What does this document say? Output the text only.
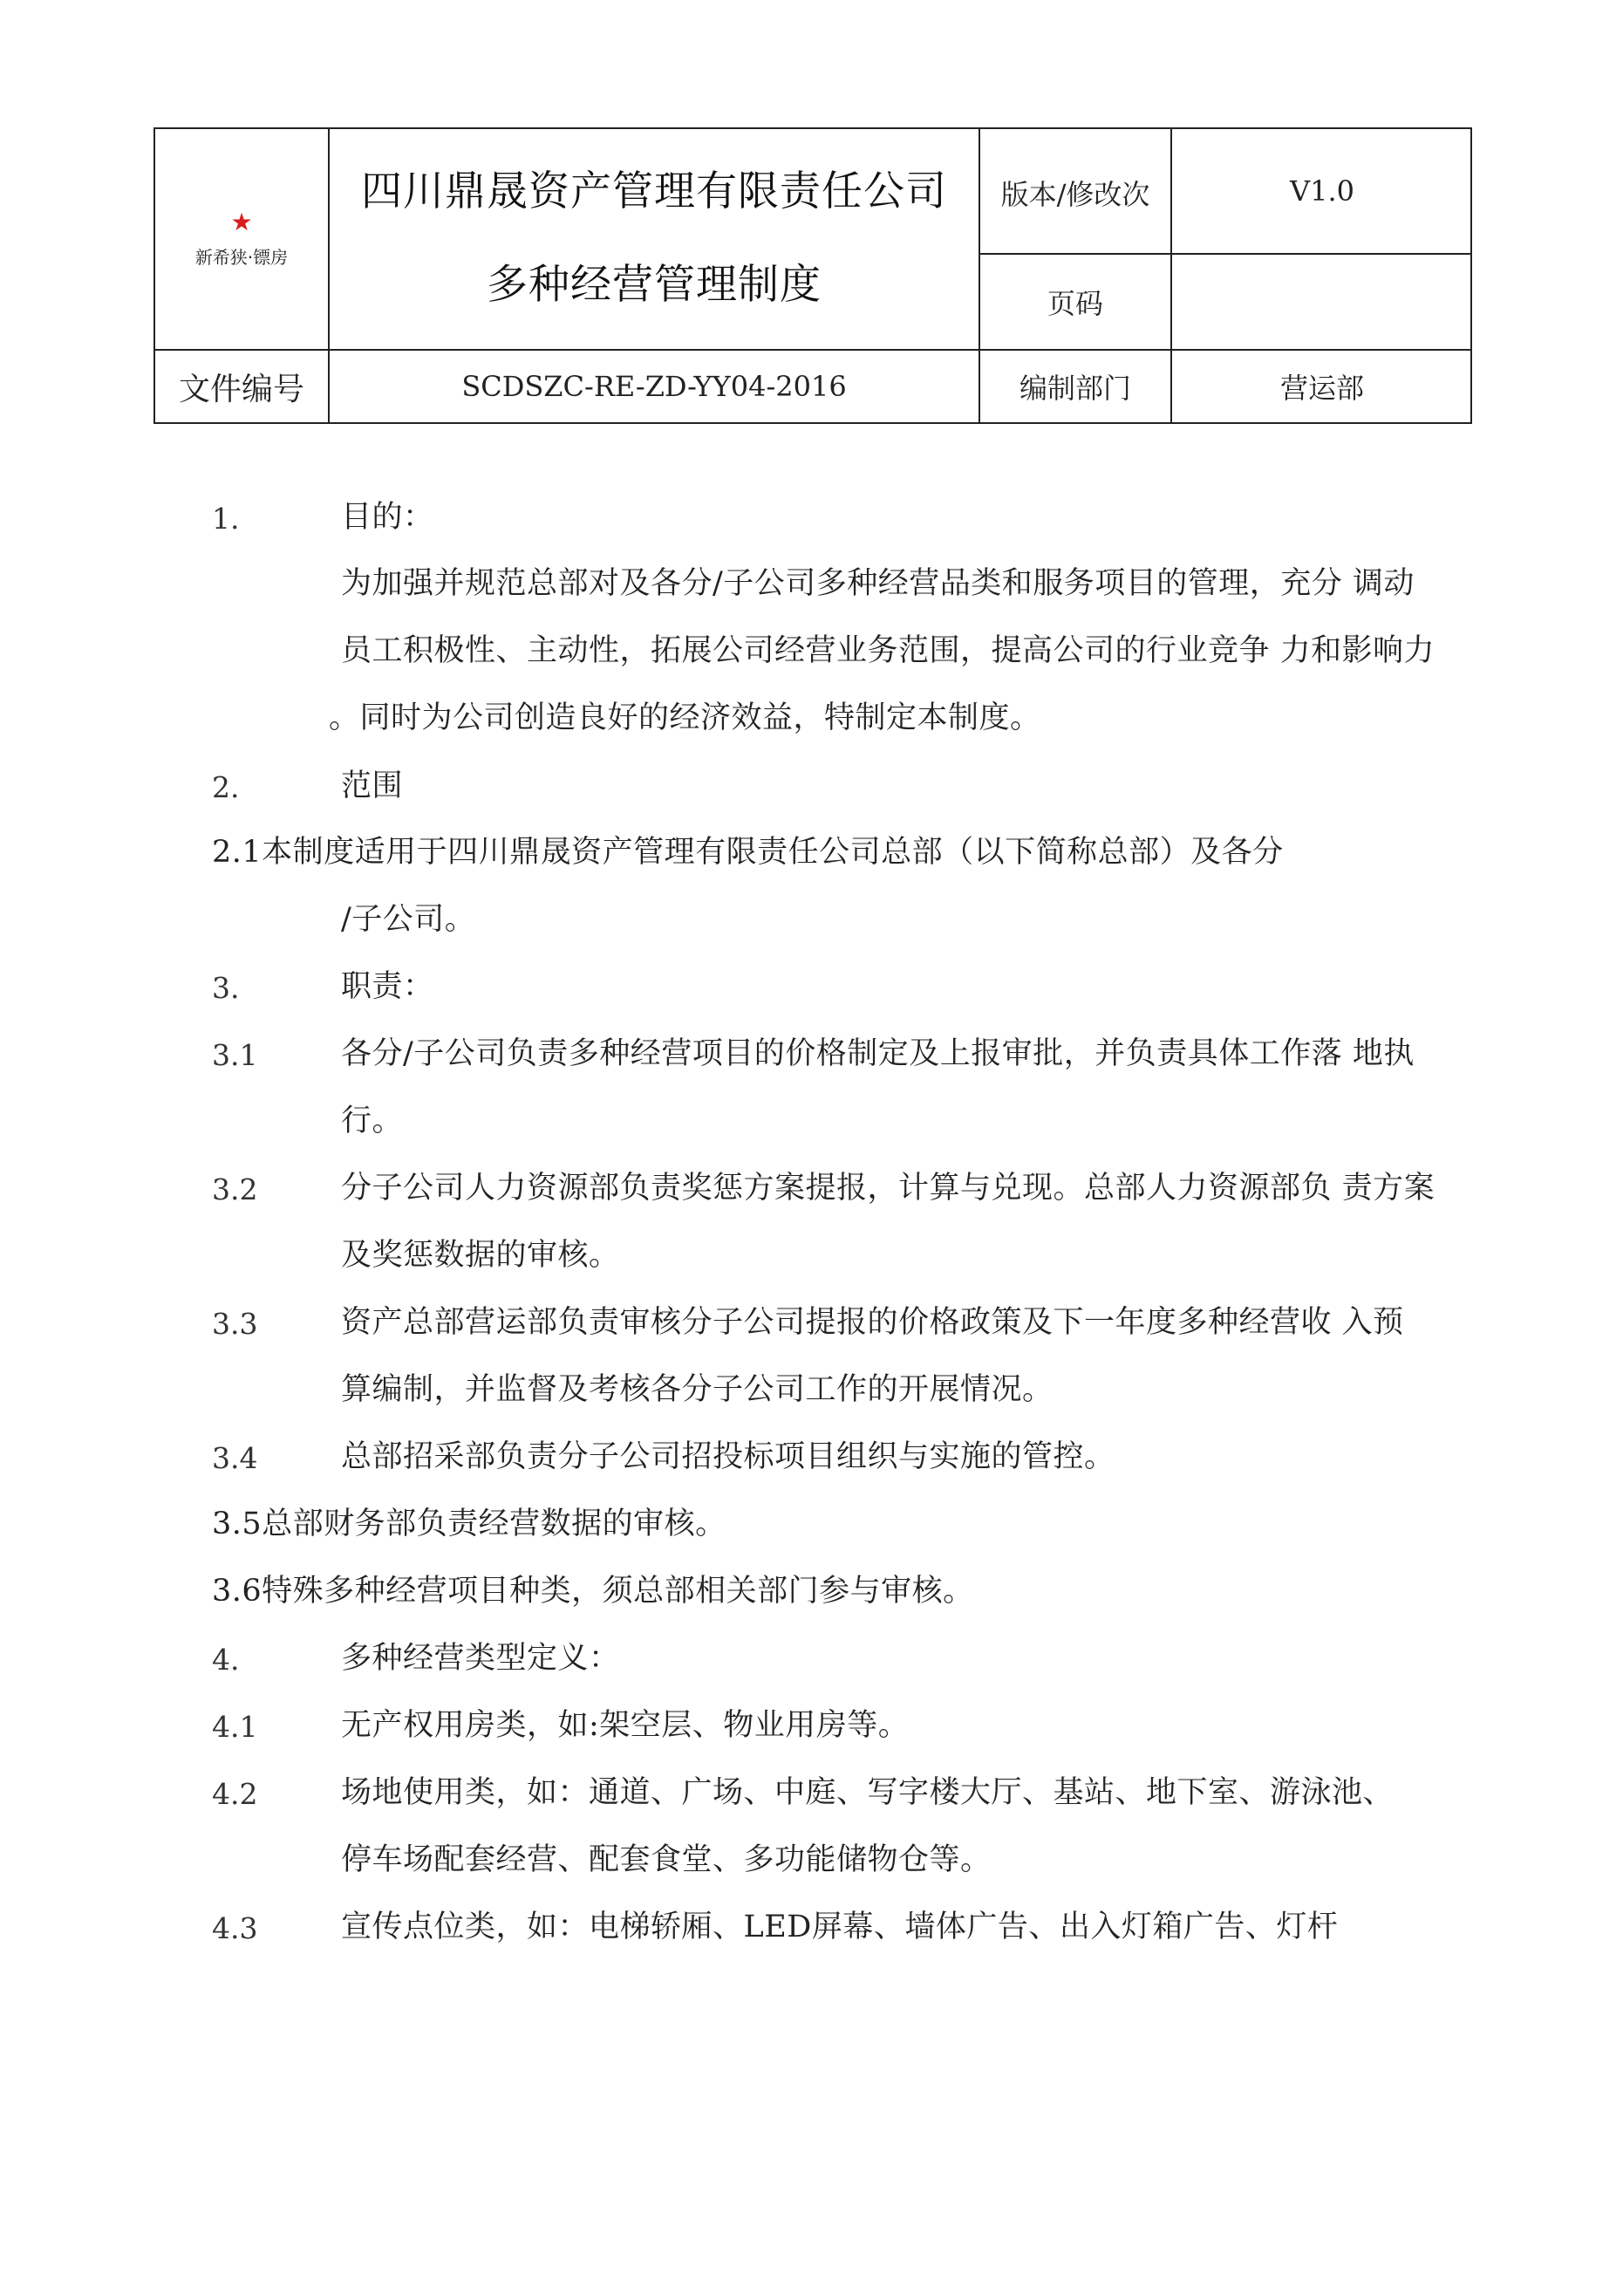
★
新希狭·镖房
四川鼎晟资产管理有限责任公司
多种经营管理制度
版本/修改次	V1.0
页码
文件编号	SCDSZC-RE-ZD-YY04-2016	编制部门	营运部
1.	目的：
为加强并规范总部对及各分/子公司多种经营品类和服务项目的管理，充分 调动
员工积极性、主动性，拓展公司经营业务范围，提高公司的行业竞争 力和影响力
。同时为公司创造良好的经济效益，特制定本制度。
2.	范围
2.1本制度适用于四川鼎晟资产管理有限责任公司总部（以下简称总部）及各分
/子公司。
3.	职责：
3.1	各分/子公司负责多种经营项目的价格制定及上报审批，并负责具体工作落 地执
行。
3.2	分子公司人力资源部负责奖惩方案提报，计算与兑现。总部人力资源部负 责方案
及奖惩数据的审核。
3.3	资产总部营运部负责审核分子公司提报的价格政策及下一年度多种经营收 入预
算编制，并监督及考核各分子公司工作的开展情况。
3.4	总部招采部负责分子公司招投标项目组织与实施的管控。
3.5总部财务部负责经营数据的审核。
3.6特殊多种经营项目种类，须总部相关部门参与审核。
4.	多种经营类型定义：
4.1	无产权用房类，如:架空层、物业用房等。
4.2	场地使用类，如：通道、广场、中庭、写字楼大厅、基站、地下室、游泳池、
停车场配套经营、配套食堂、多功能储物仓等。
4.3	宣传点位类，如：电梯轿厢、LED屏幕、墙体广告、出入灯箱广告、灯杆
